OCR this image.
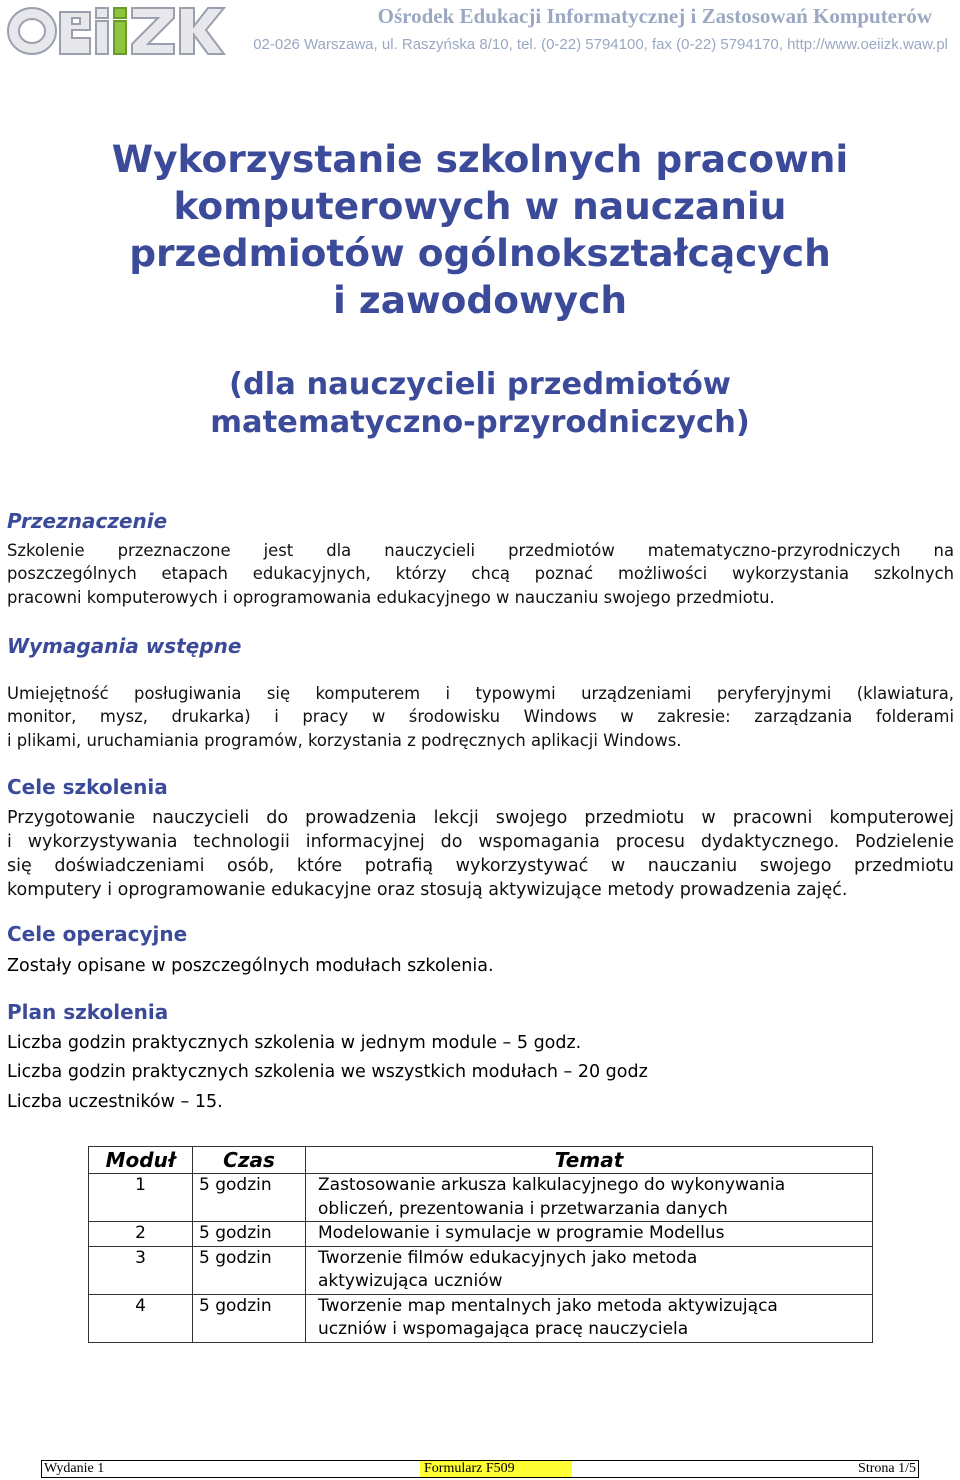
Ośrodek Edukacji Informatycznej i Zastosowań Komputerów
02-026 Warszawa, ul. Raszyńska 8/10, tel. (0-22) 5794100, fax (0-22) 5794170, http://www.oeiizk.waw.pl
Wykorzystanie szkolnych pracowni
komputerowych w nauczaniu
przedmiotów ogólnokształcących
i zawodowych
(dla nauczycieli przedmiotów
matematyczno-przyrodniczych)
Przeznaczenie
Szkolenie przeznaczone jest dla nauczycieli przedmiotów matematyczno-przyrodniczych na
poszczególnych etapach edukacyjnych, którzy chcą poznać możliwości wykorzystania szkolnych
pracowni komputerowych i oprogramowania edukacyjnego w nauczaniu swojego przedmiotu.
Wymagania wstępne
Umiejętność posługiwania się komputerem i typowymi urządzeniami peryferyjnymi (klawiatura,
monitor, mysz, drukarka) i pracy w środowisku Windows w zakresie: zarządzania folderami
i plikami, uruchamiania programów, korzystania z podręcznych aplikacji Windows.
Cele szkolenia
Przygotowanie nauczycieli do prowadzenia lekcji swojego przedmiotu w pracowni komputerowej
i wykorzystywania technologii informacyjnej do wspomagania procesu dydaktycznego. Podzielenie
się doświadczeniami osób, które potrafią wykorzystywać w nauczaniu swojego przedmiotu
komputery i oprogramowanie edukacyjne oraz stosują aktywizujące metody prowadzenia zajęć.
Cele operacyjne

Zostały opisane w poszczególnych modułach szkolenia.

Plan szkolenia

Liczba godzin praktycznych szkolenia w jednym module – 5 godz.

Liczba godzin praktycznych szkolenia we wszystkich modułach – 20 godz

Liczba uczestników – 15.

Moduł	Czas	Temat
1	5 godzin	Zastosowanie arkusza kalkulacyjnego do wykonywania
obliczeń, prezentowania i przetwarzania danych

2	5 godzin	Modelowanie i symulacje w programie Modellus

3	5 godzin	Tworzenie filmów edukacyjnych jako metoda
aktywizująca uczniów

4	5 godzin	Tworzenie map mentalnych jako metoda aktywizująca
uczniów i wspomagająca pracę nauczyciela
Wydanie 1	Formularz F509	Strona 1/5
